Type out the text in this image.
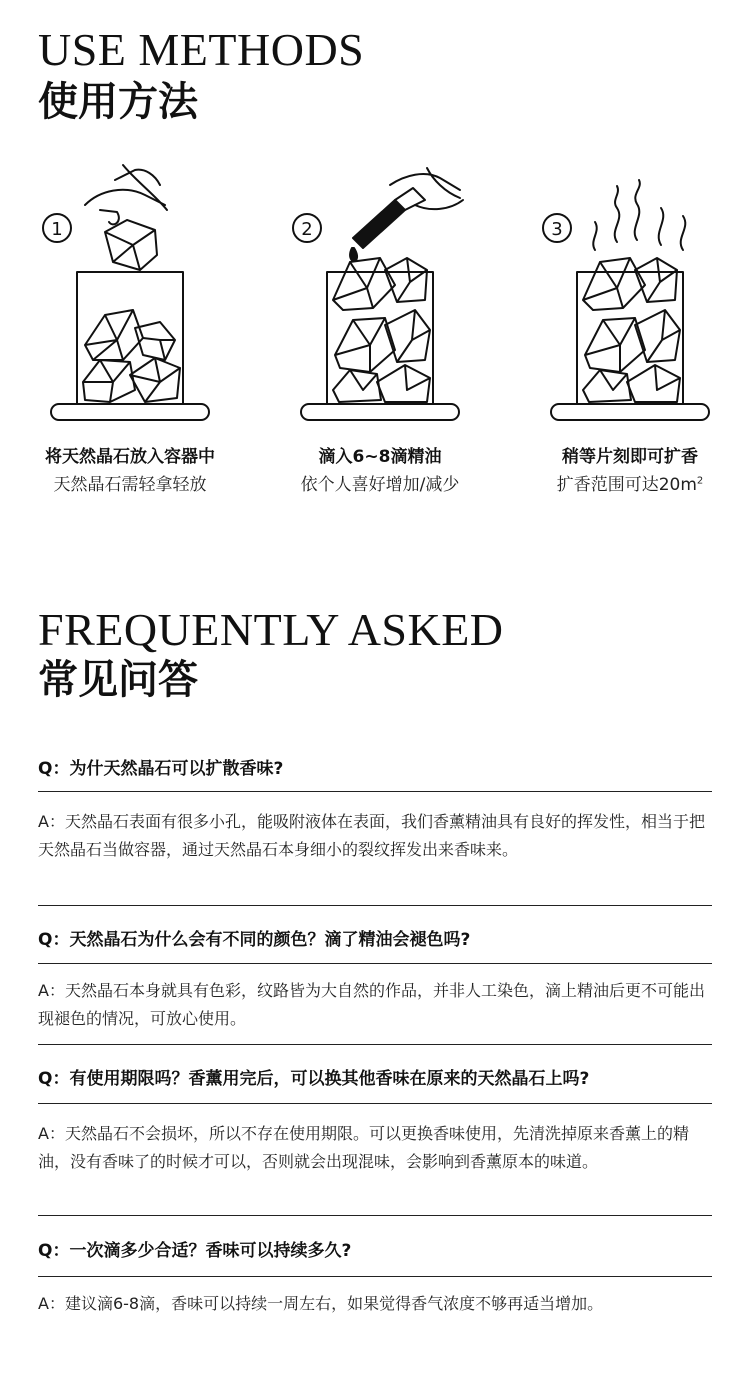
USE METHODS
使用方法
1
将天然晶石放入容器中
天然晶石需轻拿轻放
2
滴入6~8滴精油
依个人喜好增加/减少
3
稍等片刻即可扩香
扩香范围可达$20m^2$
FREQUENTLY ASKED
常见问答
Q：为什天然晶石可以扩散香味?
A：天然晶石表面有很多小孔，能吸附液体在表面，我们香薰精油具有良好的挥发性，相当于把天然晶石当做容器，通过天然晶石本身细小的裂纹挥发出来香味来。
Q：天然晶石为什么会有不同的颜色？滴了精油会褪色吗?
A：天然晶石本身就具有色彩，纹路皆为大自然的作品，并非人工染色，滴上精油后更不可能出现褪色的情况，可放心使用。
Q：有使用期限吗？香薰用完后，可以换其他香味在原来的天然晶石上吗?
A：天然晶石不会损坏，所以不存在使用期限。可以更换香味使用，先清洗掉原来香薰上的精油，没有香味了的时候才可以，否则就会出现混味，会影响到香薰原本的味道。
Q：一次滴多少合适？香味可以持续多久?
A：建议滴6-8滴，香味可以持续一周左右，如果觉得香气浓度不够再适当增加。
